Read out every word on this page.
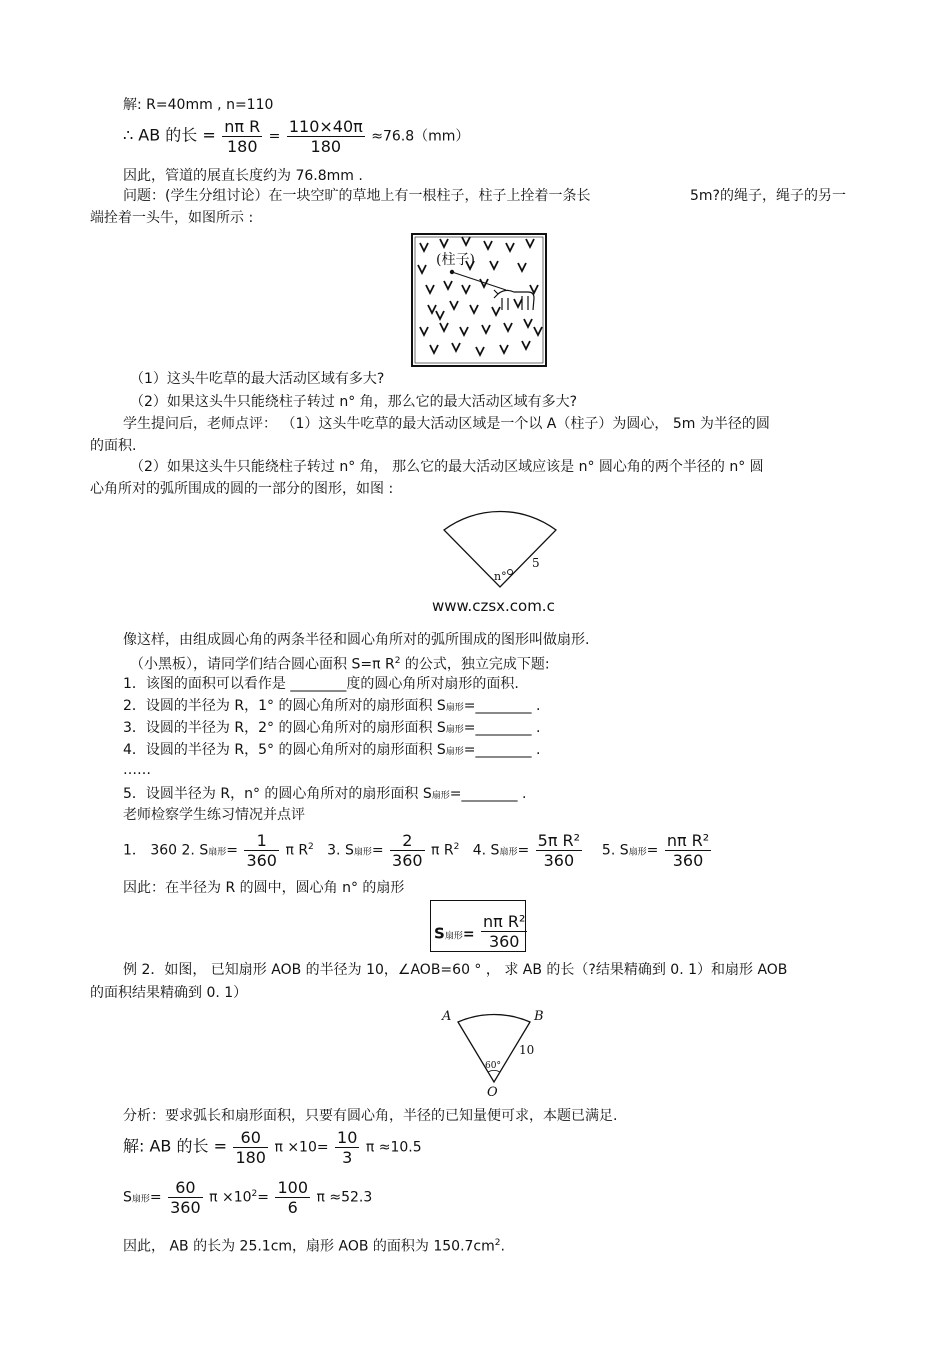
解: R=40mm , n=110
∴ AB 的长 = $\frac{\text{nπ R}}{180} = \frac{110\times 40\pi}{180} \approx 76.8(mm)$
因此，管道的展直长度约为 76.8mm .
问题：(学生分组讨论）在一块空旷的草地上有一根柱子，柱子上拴着一条长	5m?的绳子，绳子的另一
端拴着一头牛，如图所示 :
(柱子)
（1）这头牛吃草的最大活动区域有多大?
（2）如果这头牛只能绕柱子转过 n° 角，那么它的最大活动区域有多大?
学生提问后，老师点评： （1）这头牛吃草的最大活动区域是一个以 A（柱子）为圆心， 5m 为半径的圆
的面积.
（2）如果这头牛只能绕柱子转过 n° 角， 那么它的最大活动区域应该是 n° 圆心角的两个半径的 n° 圆
心角所对的弧所围成的圆的一部分的图形，如图 :
n°
5
www.czsx.com.c
像这样，由组成圆心角的两条半径和圆心角所对的弧所围成的图形叫做扇形.
（小黑板），请同学们结合圆心面积 S=π $R^2$ 的公式，独立完成下题:
1．该图的面积可以看作是 ________度的圆心角所对扇形的面积.
2．设圆的半径为 R，1° 的圆心角所对的扇形面积 S扇形=________ .
3．设圆的半径为 R，2° 的圆心角所对的扇形面积 S扇形=________ .
4．设圆的半径为 R，5° 的圆心角所对的扇形面积 S扇形=________ .
……
5．设圆半径为 R，n° 的圆心角所对的扇形面积 S扇形=________ .
老师检察学生练习情况并点评
1． 360 2. S扇形= $\frac{1}{360}$ π $R^2$ 3. S扇形= $\frac{2}{360}$ π $R^2$ 4. S扇形= $\frac{\text{5π R²}}{360} 5$. S扇形= $\frac{\text{nπ R²}}{360}$
因此：在半径为 R 的圆中，圆心角 n° 的扇形
S扇形= $\frac{\text{nπ R²}}{360}$
例 2．如图， 已知扇形 AOB 的半径为 10，∠AOB=60 ° ， 求 AB 的长（?结果精确到 0. 1）和扇形 AOB
的面积结果精确到 0. 1）
A	B
O
10
60°
分析：要求弧长和扇形面积，只要有圆心角，半径的已知量便可求，本题已满足.
解: AB 的长 = $\frac{60}{180}$ $\pi \times 10= \frac{10}{3}$ π ≈10.5
S扇形= $\frac{60}{360}$ $\pi \times 10^2= \frac{100}{6}$ π ≈52.3
因此， AB 的长为 25.1cm，扇形 AOB 的面积为 $150.7cm^2$.
